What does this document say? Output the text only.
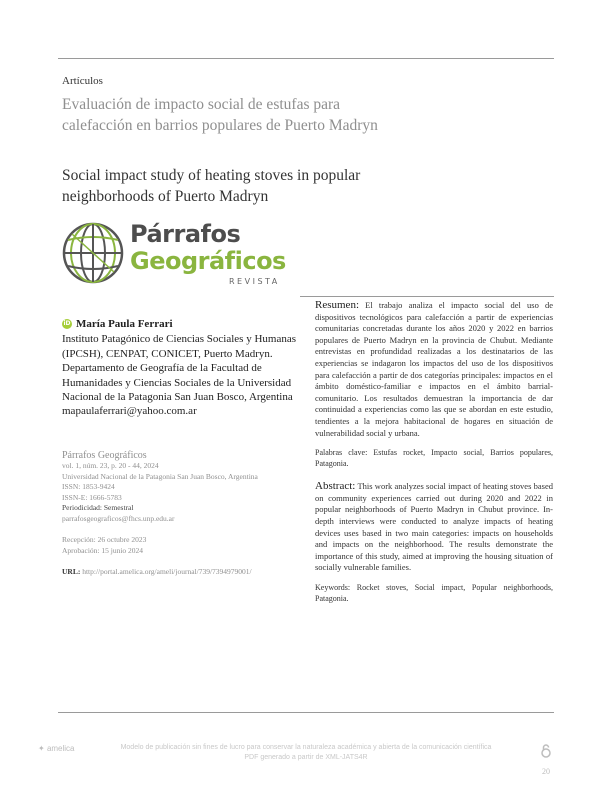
Artículos
Evaluación de impacto social de estufas para calefacción en barrios populares de Puerto Madryn
Social impact study of heating stoves in popular neighborhoods of Puerto Madryn
Párrafos
Geográficos
REVISTA
iD María Paula Ferrari
Instituto Patagónico de Ciencias Sociales y Humanas (IPCSH), CENPAT, CONICET, Puerto Madryn. Departamento de Geografía de la Facultad de Humanidades y Ciencias Sociales de la Universidad Nacional de la Patagonia San Juan Bosco, Argentina
mapaulaferrari@yahoo.com.ar
Párrafos Geográficos
vol. 1, núm. 23, p. 20 - 44, 2024
Universidad Nacional de la Patagonia San Juan Bosco, Argentina
ISSN: 1853-9424
ISSN-E: 1666-5783
Periodicidad: Semestral
parrafosgeograficos@fhcs.unp.edu.ar
Recepción: 26 octubre 2023
Aprobación: 15 junio 2024
URL: http://portal.amelica.org/ameli/journal/739/7394979001/
Resumen: El trabajo analiza el impacto social del uso de dispositivos tecnológicos para calefacción a partir de experiencias comunitarias concretadas durante los años 2020 y 2022 en barrios populares de Puerto Madryn en la provincia de Chubut. Mediante entrevistas en profundidad realizadas a los destinatarios de las experiencias se indagaron los impactos del uso de los dispositivos para calefacción a partir de dos categorías principales: impactos en el ámbito doméstico-familiar e impactos en el ámbito barrial-comunitario. Los resultados demuestran la importancia de dar continuidad a experiencias como las que se abordan en este estudio, tendientes a la mejora habitacional de hogares en situación de vulnerabilidad social y urbana.
Palabras clave: Estufas rocket, Impacto social, Barrios populares, Patagonia.
Abstract: This work analyzes social impact of heating stoves based on community experiences carried out during 2020 and 2022 in popular neighborhoods of Puerto Madryn in Chubut province. In-depth interviews were conducted to analyze impacts of heating devices uses based in two main categories: impacts on households and impacts on the neighborhood. The results demonstrate the importance of this study, aimed at improving the housing situation of socially vulnerable families.
Keywords: Rocket stoves, Social impact, Popular neighborhoods, Patagonia.
✦ amelica	Modelo de publicación sin fines de lucro para conservar la naturaleza académica y abierta de la comunicación científica
PDF generado a partir de XML-JATS4R
20
